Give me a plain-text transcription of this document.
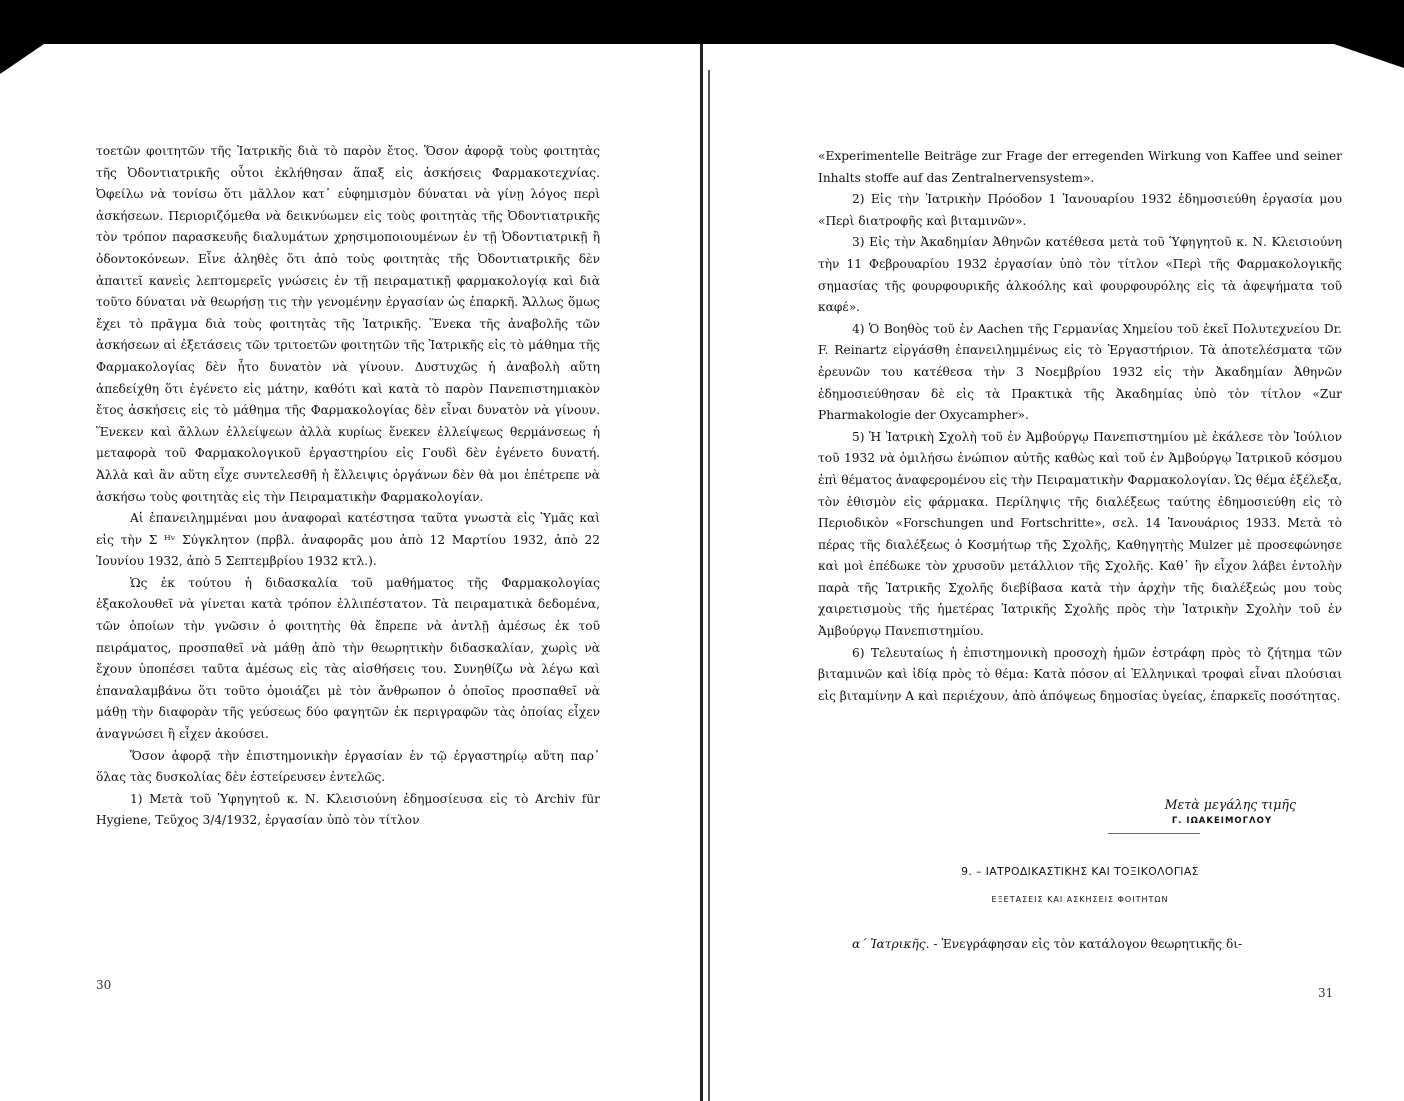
τοετῶν φοιτητῶν τῆς Ἰατρικῆς διὰ τὸ παρὸν ἔτος. Ὅσον ἀφορᾷ τοὺς φοιτητὰς τῆς Ὀδοντιατρικῆς οὗτοι ἐκλήθησαν ἅπαξ εἰς ἀσκήσεις Φαρμακοτεχνίας. Ὀφείλω νὰ τονίσω ὅτι μᾶλλον κατ᾿ εὐφημισμὸν δύναται νὰ γίνῃ λόγος περὶ ἀσκήσεων. Περιοριζόμεθα νὰ δεικνύωμεν εἰς τοὺς φοιτητὰς τῆς Ὀδοντιατρικῆς τὸν τρόπον παρασκευῆς διαλυμάτων χρησιμοποιουμένων ἐν τῇ Ὀδοντιατρικῇ ἢ ὀδοντοκόνεων. Εἶνε ἀληθὲς ὅτι ἀπὸ τοὺς φοιτητὰς τῆς Ὀδοντιατρικῆς δὲν ἀπαιτεῖ κανεὶς λεπτομερεῖς γνώσεις ἐν τῇ πειραματικῇ φαρμακολογίᾳ καὶ διὰ τοῦτο δύναται νὰ θεωρήσῃ τις τὴν γενομένην ἐργασίαν ὡς ἐπαρκῆ. Ἄλλως ὅμως ἔχει τὸ πρᾶγμα διὰ τοὺς φοιτητὰς τῆς Ἰατρικῆς. Ἕνεκα τῆς ἀναβολῆς τῶν ἀσκήσεων αἱ ἐξετάσεις τῶν τριτοετῶν φοιτητῶν τῆς Ἰατρικῆς εἰς τὸ μάθημα τῆς Φαρμακολογίας δὲν ἦτο δυνατὸν νὰ γίνουν. Δυστυχῶς ἡ ἀναβολὴ αὕτη ἀπεδείχθη ὅτι ἐγένετο εἰς μάτην, καθότι καὶ κατὰ τὸ παρὸν Πανεπιστημιακὸν ἔτος ἀσκήσεις εἰς τὸ μάθημα τῆς Φαρμακολογίας δὲν εἶναι δυνατὸν νὰ γίνουν. Ἕνεκεν καὶ ἄλλων ἐλλείψεων ἀλλὰ κυρίως ἕνεκεν ἐλλείψεως θερμάνσεως ἡ μεταφορὰ τοῦ Φαρμακολογικοῦ ἐργαστηρίου εἰς Γουδὶ δὲν ἐγένετο δυνατή. Ἀλλὰ καὶ ἂν αὕτη εἶχε συντελεσθῆ ἡ ἔλλειψις ὀργάνων δὲν θὰ μοι ἐπέτρεπε νὰ ἀσκήσω τοὺς φοιτητὰς εἰς τὴν Πειραματικὴν Φαρμακολογίαν.

Αἱ ἐπανειλημμέναι μου ἀναφοραὶ κατέστησα ταῦτα γνωστὰ εἰς Ὑμᾶς καὶ εἰς τὴν Σ ᴴᵛ Σύγκλητον (πρβλ. ἀναφορᾶς μου ἀπὸ 12 Μαρτίου 1932, ἀπὸ 22 Ἰουνίου 1932, ἀπὸ 5 Σεπτεμβρίου 1932 κτλ.).

Ὡς ἐκ τούτου ἡ διδασκαλία τοῦ μαθήματος τῆς Φαρμακολογίας ἐξακολουθεῖ νὰ γίνεται κατὰ τρόπον ἐλλιπέστατον. Τὰ πειραματικὰ δεδομένα, τῶν ὁποίων τὴν γνῶσιν ὁ φοιτητὴς θὰ ἔπρεπε νὰ ἀντλῇ ἀμέσως ἐκ τοῦ πειράματος, προσπαθεῖ νὰ μάθῃ ἀπὸ τὴν θεωρητικὴν διδασκαλίαν, χωρὶς νὰ ἔχουν ὑποπέσει ταῦτα ἀμέσως εἰς τὰς αἰσθήσεις του. Συνηθίζω νὰ λέγω καὶ ἐπαναλαμβάνω ὅτι τοῦτο ὁμοιάζει μὲ τὸν ἄνθρωπον ὁ ὁποῖος προσπαθεῖ νὰ μάθῃ τὴν διαφορὰν τῆς γεύσεως δύο φαγητῶν ἐκ περιγραφῶν τὰς ὁποίας εἶχεν ἀναγνώσει ἢ εἶχεν ἀκούσει.

Ὅσον ἀφορᾷ τὴν ἐπιστημονικὴν ἐργασίαν ἐν τῷ ἐργαστηρίῳ αὕτη παρ᾿ ὅλας τὰς δυσκολίας δὲν ἐστείρευσεν ἐντελῶς.

1) Μετὰ τοῦ Ὑφηγητοῦ κ. Ν. Κλεισιούνη ἐδημοσίευσα εἰς τὸ Archiv für Hygiene, Τεῦχος 3/4/1932, ἐργασίαν ὑπὸ τὸν τίτλον

30

«Experimentelle Beiträge zur Frage der erregenden Wirkung von Kaffee und seiner Inhalts stoffe auf das Zentralnervensystem».

2) Εἰς τὴν Ἰατρικὴν Πρόοδον 1 Ἰανουαρίου 1932 ἐδημοσιεύθη ἐργασία μου «Περὶ διατροφῆς καὶ βιταμινῶν».

3) Εἰς τὴν Ἀκαδημίαν Ἀθηνῶν κατέθεσα μετὰ τοῦ Ὑφηγητοῦ κ. Ν. Κλεισιούνη τὴν 11 Φεβρουαρίου 1932 ἐργασίαν ὑπὸ τὸν τίτλον «Περὶ τῆς Φαρμακολογικῆς σημασίας τῆς φουρφουρικῆς ἀλκοόλης καὶ φουρφουρόλης εἰς τὰ ἀφεψήματα τοῦ καφέ».

4) Ὁ Βοηθὸς τοῦ ἐν Aachen τῆς Γερμανίας Χημείου τοῦ ἐκεῖ Πολυτεχνείου Dr. F. Reinartz εἰργάσθη ἐπανειλημμένως εἰς τὸ Ἐργαστήριον. Τὰ ἀποτελέσματα τῶν ἐρευνῶν του κατέθεσα τὴν 3 Νοεμβρίου 1932 εἰς τὴν Ἀκαδημίαν Ἀθηνῶν ἐδημοσιεύθησαν δὲ εἰς τὰ Πρακτικὰ τῆς Ἀκαδημίας ὑπὸ τὸν τίτλον «Zur Pharmakologie der Oxycampher».

5) Ἡ Ἰατρικὴ Σχολὴ τοῦ ἐν Ἀμβούργῳ Πανεπιστημίου μὲ ἐκάλεσε τὸν Ἰούλιον τοῦ 1932 νὰ ὁμιλήσω ἐνώπιον αὐτῆς καθὼς καὶ τοῦ ἐν Ἀμβούργῳ Ἰατρικοῦ κόσμου ἐπὶ θέματος ἀναφερομένου εἰς τὴν Πειραματικὴν Φαρμακολογίαν. Ὡς θέμα ἐξέλεξα, τὸν ἐθισμὸν εἰς φάρμακα. Περίληψις τῆς διαλέξεως ταύτης ἐδημοσιεύθη εἰς τὸ Περιοδικὸν «Forschungen und Fortschritte», σελ. 14 Ἰανουάριος 1933. Μετὰ τὸ πέρας τῆς διαλέξεως ὁ Κοσμήτωρ τῆς Σχολῆς, Καθηγητὴς Mulzer μὲ προσεφώνησε καὶ μοὶ ἐπέδωκε τὸν χρυσοῦν μετάλλιον τῆς Σχολῆς. Καθ᾿ ἣν εἶχον λάβει ἐντολὴν παρὰ τῆς Ἰατρικῆς Σχολῆς διεβίβασα κατὰ τὴν ἀρχὴν τῆς διαλέξεώς μου τοὺς χαιρετισμοὺς τῆς ἡμετέρας Ἰατρικῆς Σχολῆς πρὸς τὴν Ἰατρικὴν Σχολὴν τοῦ ἐν Ἀμβούργῳ Πανεπιστημίου.

6) Τελευταίως ἡ ἐπιστημονικὴ προσοχὴ ἡμῶν ἐστράφη πρὸς τὸ ζήτημα τῶν βιταμινῶν καὶ ἰδίᾳ πρὸς τὸ θέμα: Κατὰ πόσον αἱ Ἑλληνικαὶ τροφαὶ εἶναι πλούσιαι εἰς βιταμίνην Α καὶ περιέχουν, ἀπὸ ἀπόψεως δημοσίας ὑγείας, ἐπαρκεῖς ποσότητας.

Μετὰ μεγάλης τιμῆς
Γ. ΙΩΑΚΕΙΜΟΓΛΟΥ
9. – ΙΑΤΡΟΔΙΚΑΣΤΙΚΗΣ ΚΑΙ ΤΟΞΙΚΟΛΟΓΙΑΣ
ΕΞΕΤΑΣΕΙΣ ΚΑΙ ΑΣΚΗΣΕΙΣ ΦΟΙΤΗΤΩΝ
α΄ Ἰατρικῆς. - Ἐνεγράφησαν εἰς τὸν κατάλογον θεωρητικῆς δι-
31
